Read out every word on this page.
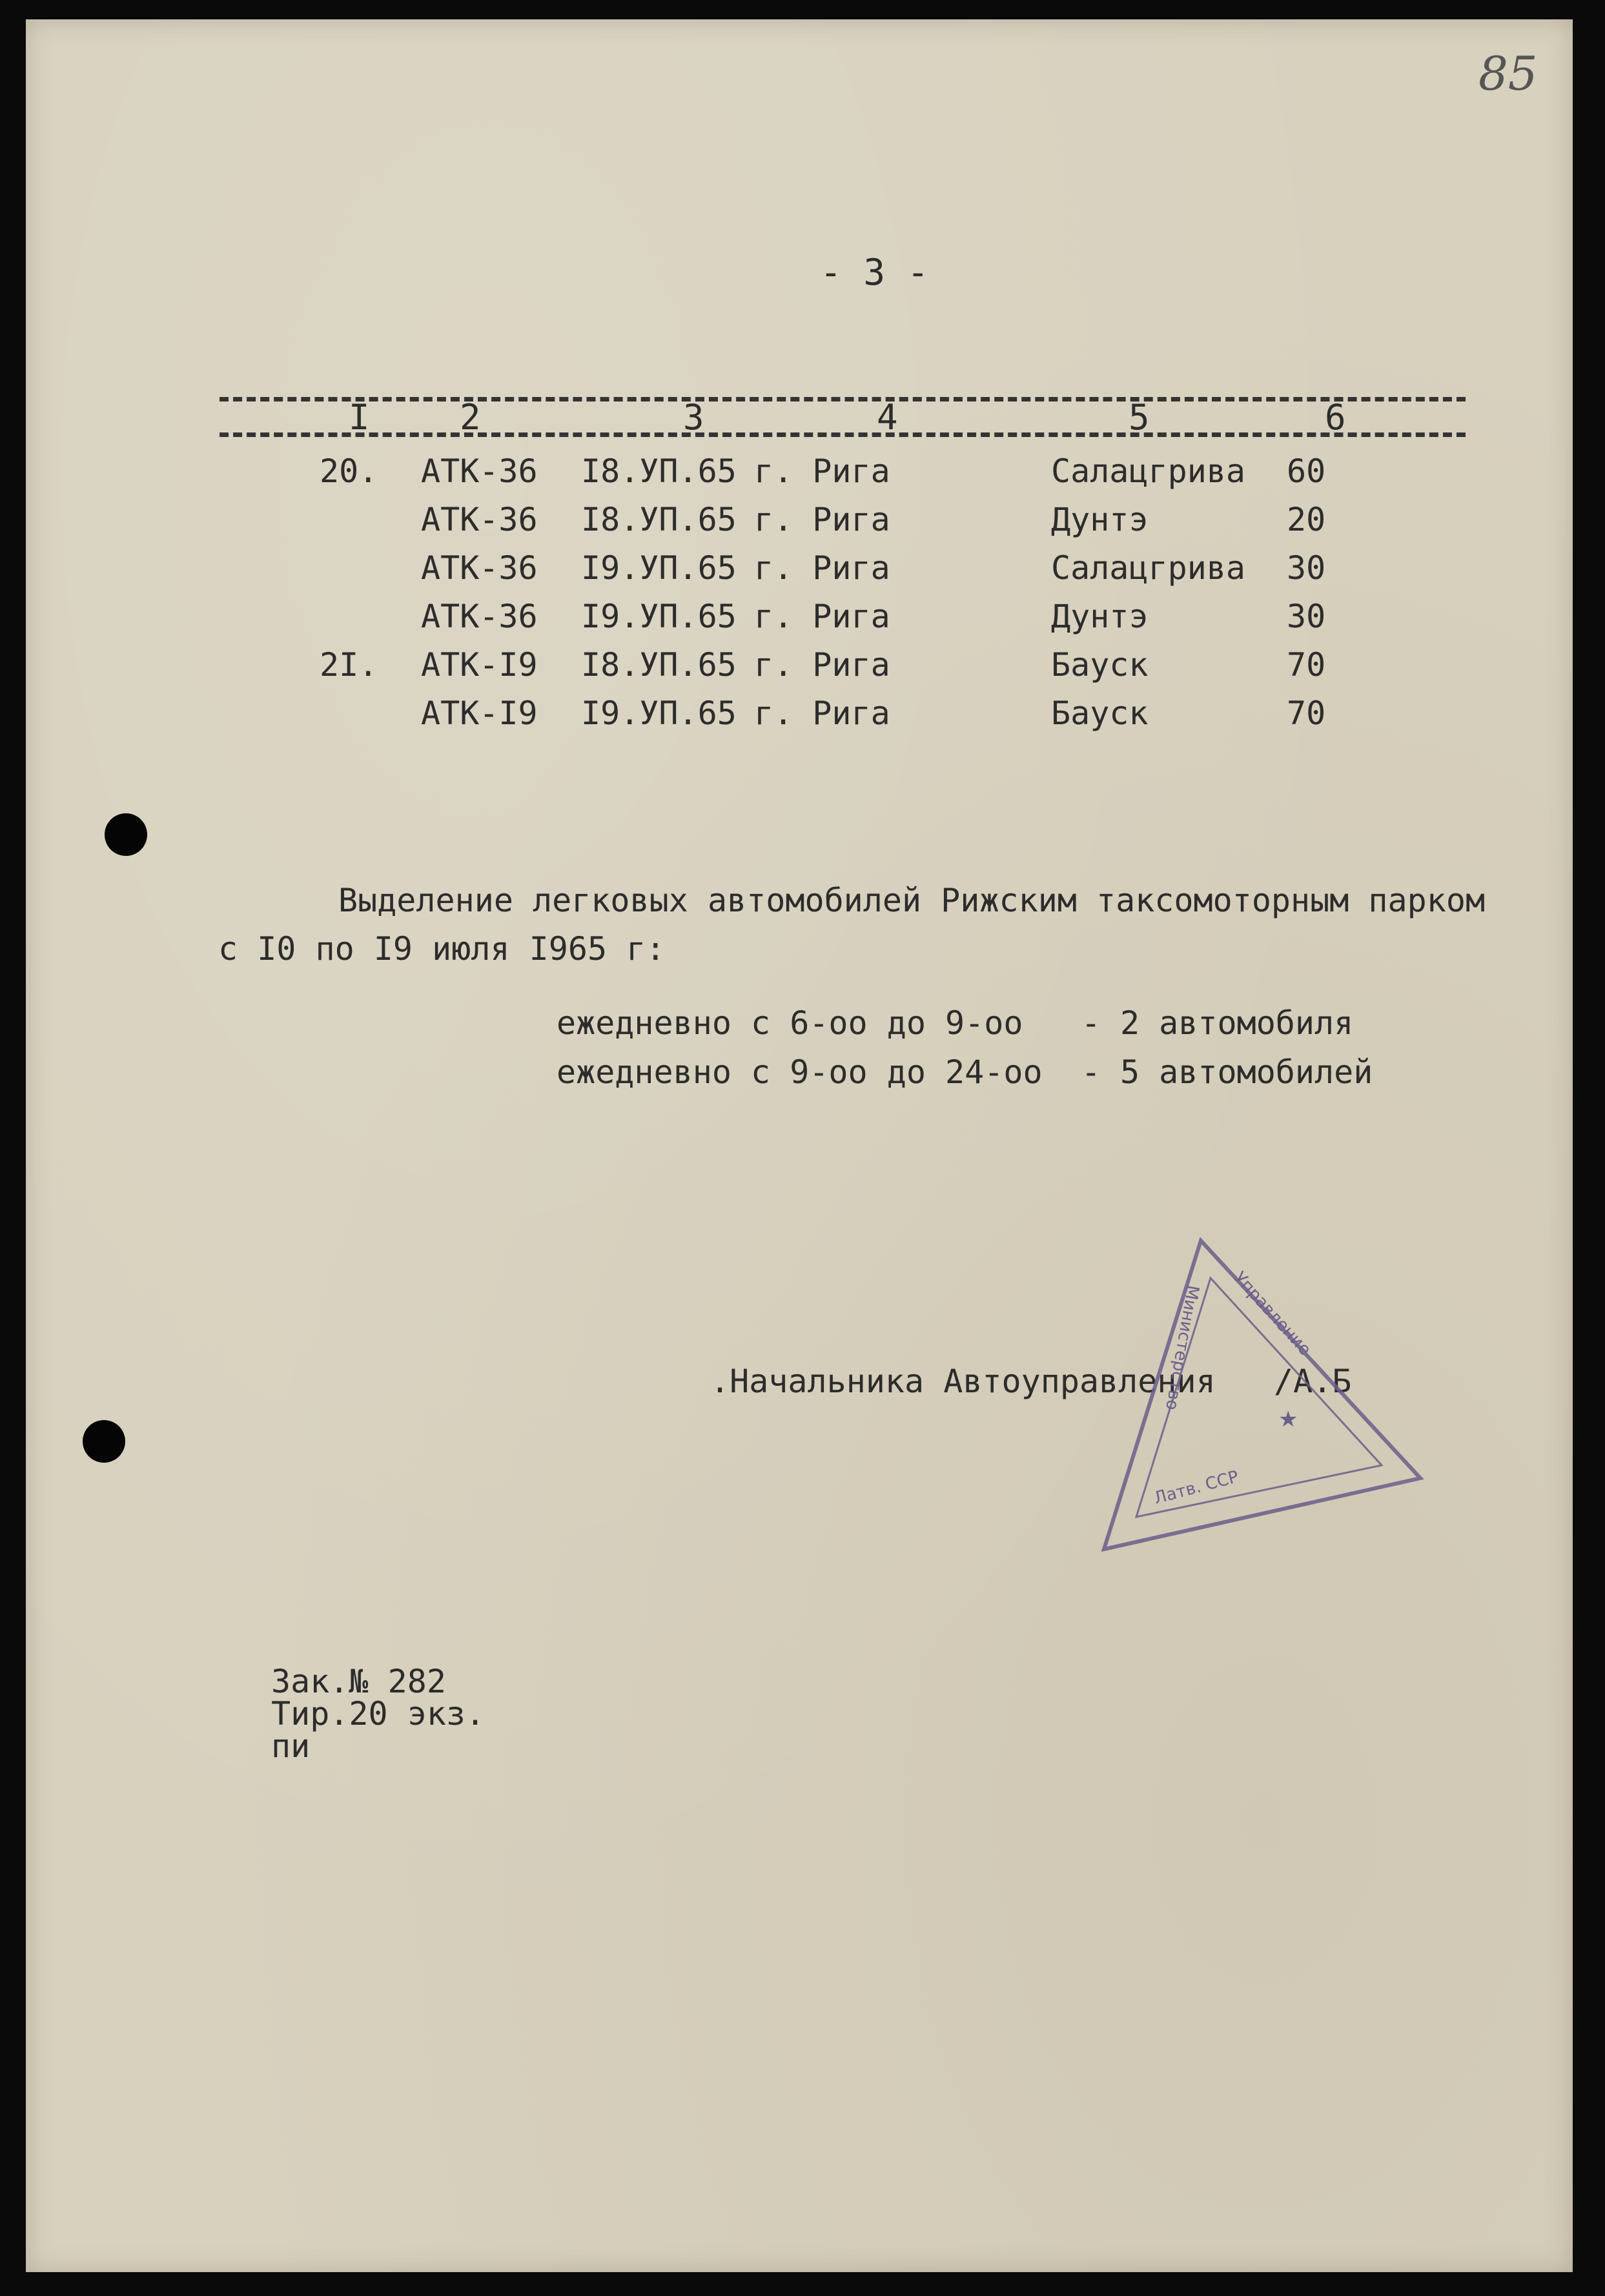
85
- 3 -
I	2	3	4	5	6
20. АТК-36 I8.УП.65 г. Рига	Салацгрива 60
АТК-36 I8.УП.65 г. Рига	Дунтэ	20
АТК-36 I9.УП.65 г. Рига	Салацгрива 30
АТК-36 I9.УП.65 г. Рига	Дунтэ	30
2I. АТК-I9 I8.УП.65 г. Рига	Бауск	70
АТК-I9 I9.УП.65 г. Рига	Бауск	70
Выделение легковых автомобилей Рижским таксомоторным парком
с I0 по I9 июля I965 г:
ежедневно с 6-оо до 9-оо   - 2 автомобиля
ежедневно с 9-оо до 24-оо  - 5 автомобилей
.Начальника Автоуправления   /А.Б
Управление
Министерство
Латв. ССР
★
Зак.№ 282
Тир.20 экз.
пи
